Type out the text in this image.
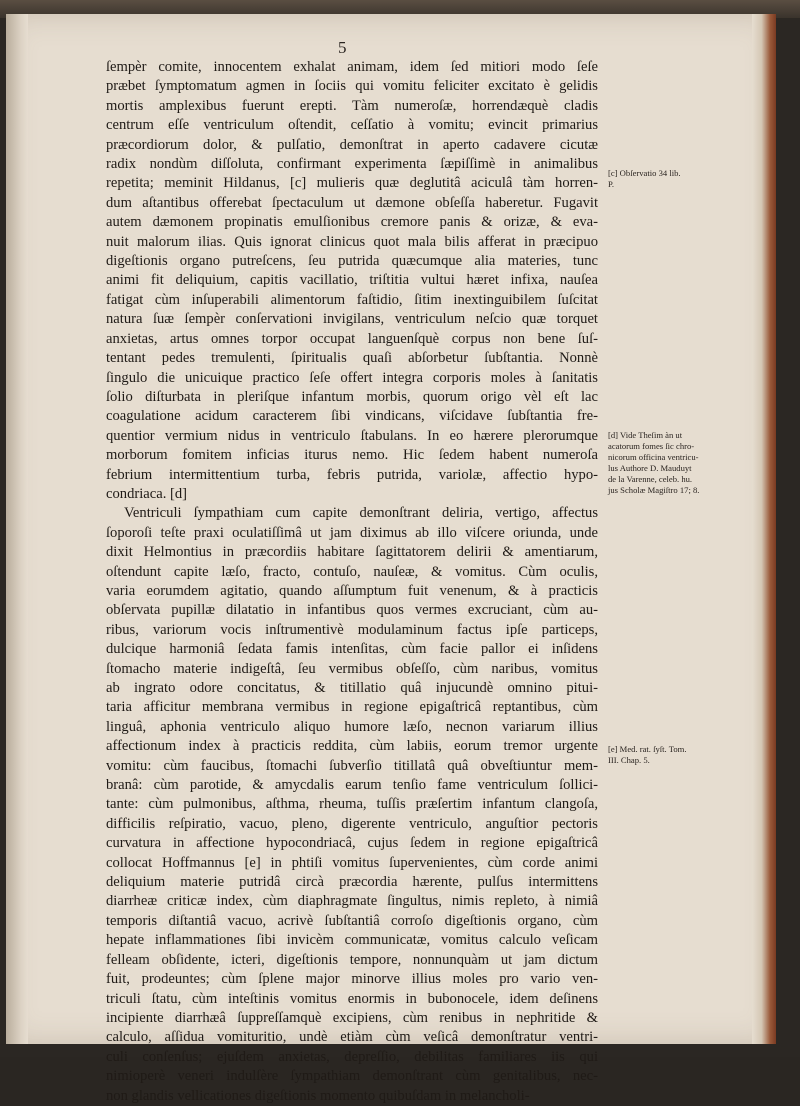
5
ſempèr comite, innocentem exhalat animam, idem ſed mitiori modo ſeſe
præbet ſymptomatum agmen in ſociis qui vomitu feliciter excitato è gelidis
mortis amplexibus fuerunt erepti. Tàm numeroſæ, horrendæquè cladis
centrum eſſe ventriculum oſtendit, ceſſatio à vomitu; evincit primarius
præcordiorum dolor, & pulſatio, demonſtrat in aperto cadavere cicutæ
radix nondùm diſſoluta, confirmant experimenta ſæpiſſimè in animalibus
repetita; meminit Hildanus, [c] mulieris quæ deglutitâ aciculâ tàm horren-
dum aſtantibus offerebat ſpectaculum ut dæmone obſeſſa haberetur. Fugavit
autem dæmonem propinatis emulſionibus cremore panis & orizæ, & eva-
nuit malorum ilias. Quis ignorat clinicus quot mala bilis afferat in præcipuo
digeſtionis organo putreſcens, ſeu putrida quæcumque alia materies, tunc
animi fit deliquium, capitis vacillatio, triſtitia vultui hæret infixa, nauſea
fatigat cùm inſuperabili alimentorum faſtidio, ſitim inextinguibilem ſuſcitat
natura ſuæ ſempèr conſervationi invigilans, ventriculum neſcio quæ torquet
anxietas, artus omnes torpor occupat languenſquè corpus non bene ſuſ-
tentant pedes tremulenti, ſpiritualis quaſi abſorbetur ſubſtantia. Nonnè
ſingulo die unicuique practico ſeſe offert integra corporis moles à ſanitatis
ſolio diſturbata in pleriſque infantum morbis, quorum origo vèl eſt lac
coagulatione acidum caracterem ſibi vindicans, viſcidave ſubſtantia fre-
quentior vermium nidus in ventriculo ſtabulans. In eo hærere plerorumque
morborum fomitem inficias iturus nemo. Hic ſedem habent numeroſa
febrium intermittentium turba, febris putrida, variolæ, affectio hypo-
condriaca. [d]
Ventriculi ſympathiam cum capite demonſtrant deliria, vertigo, affectus
ſoporoſi teſte praxi oculatiſſimâ ut jam diximus ab illo viſcere oriunda, unde
dixit Helmontius in præcordiis habitare ſagittatorem delirii & amentiarum,
oſtendunt capite læſo, fracto, contuſo, nauſeæ, & vomitus. Cùm oculis,
varia eorumdem agitatio, quando aſſumptum fuit venenum, & à practicis
obſervata pupillæ dilatatio in infantibus quos vermes excruciant, cùm au-
ribus, variorum vocis inſtrumentivè modulaminum factus ipſe particeps,
dulcique harmoniâ ſedata famis intenſitas, cùm facie pallor ei inſidens
ſtomacho materie indigeſtâ, ſeu vermibus obſeſſo, cùm naribus, vomitus
ab ingrato odore concitatus, & titillatio quâ injucundè omnino pitui-
taria afficitur membrana vermibus in regione epigaſtricâ reptantibus, cùm
linguâ, aphonia ventriculo aliquo humore læſo, necnon variarum illius
affectionum index à practicis reddita, cùm labiis, eorum tremor urgente
vomitu: cùm faucibus, ſtomachi ſubverſio titillatâ quâ obveſtiuntur mem-
branâ: cùm parotide, & amycdalis earum tenſio fame ventriculum ſollici-
tante: cùm pulmonibus, aſthma, rheuma, tuſſis præſertim infantum clangoſa,
difficilis reſpiratio, vacuo, pleno, digerente ventriculo, anguſtior pectoris
curvatura in affectione hypocondriacâ, cujus ſedem in regione epigaſtricâ
collocat Hoffmannus [e] in phtiſi vomitus ſupervenientes, cùm corde animi
deliquium materie putridâ circà præcordia hærente, pulſus intermittens
diarrheæ criticæ index, cùm diaphragmate ſingultus, nimis repleto, à nimiâ
temporis diſtantiâ vacuo, acrivè ſubſtantiâ corroſo digeſtionis organo, cùm
hepate inflammationes ſibi invicèm communicatæ, vomitus calculo veſicam
felleam obſidente, icteri, digeſtionis tempore, nonnunquàm ut jam dictum
fuit, prodeuntes; cùm ſplene major minorve illius moles pro vario ven-
triculi ſtatu, cùm inteſtinis vomitus enormis in bubonocele, idem deſinens
incipiente diarrhæâ ſuppreſſamquè excipiens, cùm renibus in nephritide &
calculo, aſſidua vomituritio, undè etiàm cùm veſicâ demonſtratur ventri-
culi conſenſus; ejuſdem anxietas, depreſſio, debilitas familiares iis qui
nimioperè veneri indulſère ſympathiam demonſtrant cùm genitalibus, nec-
non glandis vellicationes digeſtionis momento quibuſdam in melancholi-
[c] Obſervatio 34 lib.
P.
[d] Vide Theſim àn ut
acatorum fomes ſic chro-
nicorum officina ventricu-
lus Authore D. Mauduyt
de la Varenne, celeb. hu.
jus Scholæ Magiſtro 17; 8.
[e] Med. rat. ſyſt. Tom.
III. Chap. 5.
